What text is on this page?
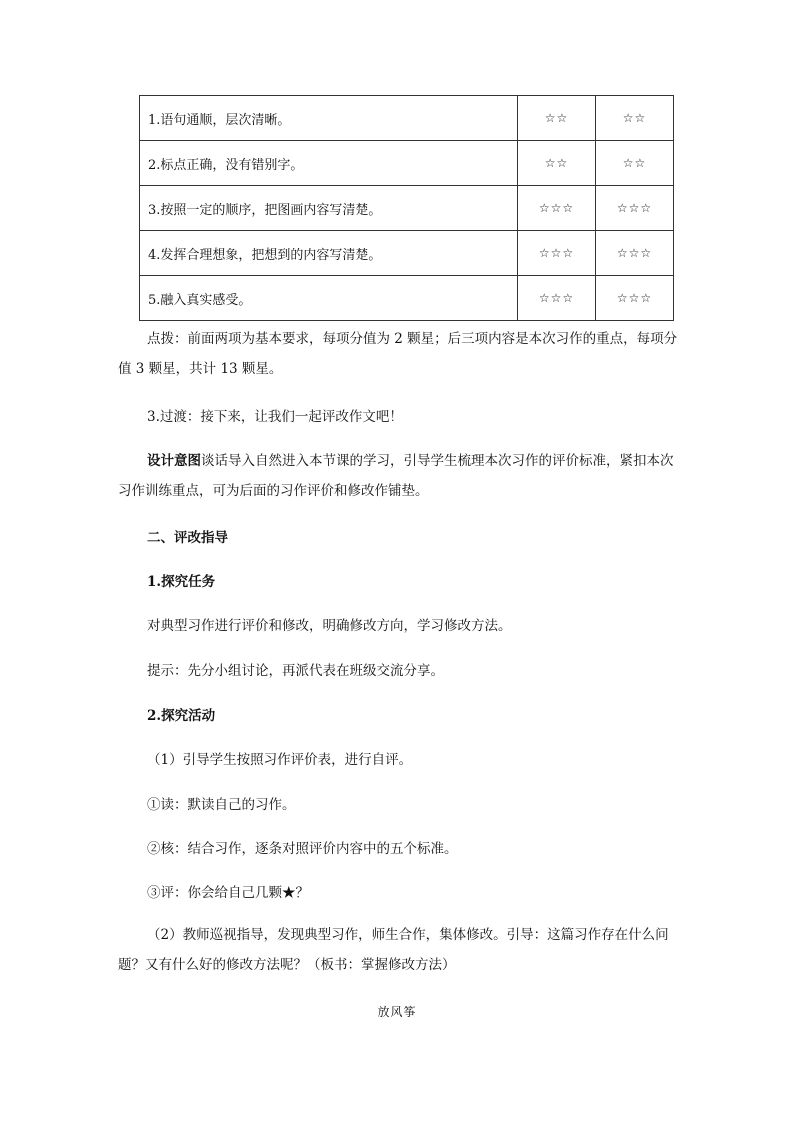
1.语句通顺，层次清晰。	☆☆	☆☆
2.标点正确，没有错别字。	☆☆	☆☆
3.按照一定的顺序，把图画内容写清楚。	☆☆☆	☆☆☆
4.发挥合理想象，把想到的内容写清楚。	☆☆☆	☆☆☆
5.融入真实感受。	☆☆☆	☆☆☆
点拨：前面两项为基本要求，每项分值为 2 颗星；后三项内容是本次习作的重点，每项分值 3 颗星，共计 13 颗星。
3.过渡：接下来，让我们一起评改作文吧！
设计意图谈话导入自然进入本节课的学习，引导学生梳理本次习作的评价标准，紧扣本次习作训练重点，可为后面的习作评价和修改作铺垫。
二、评改指导
1.探究任务
对典型习作进行评价和修改，明确修改方向，学习修改方法。
提示：先分小组讨论，再派代表在班级交流分享。
2.探究活动
（1）引导学生按照习作评价表，进行自评。
①读：默读自己的习作。
②核：结合习作，逐条对照评价内容中的五个标准。
③评：你会给自己几颗★？
（2）教师巡视指导，发现典型习作，师生合作，集体修改。引导：这篇习作存在什么问题？又有什么好的修改方法呢？（板书：掌握修改方法）
放风筝
